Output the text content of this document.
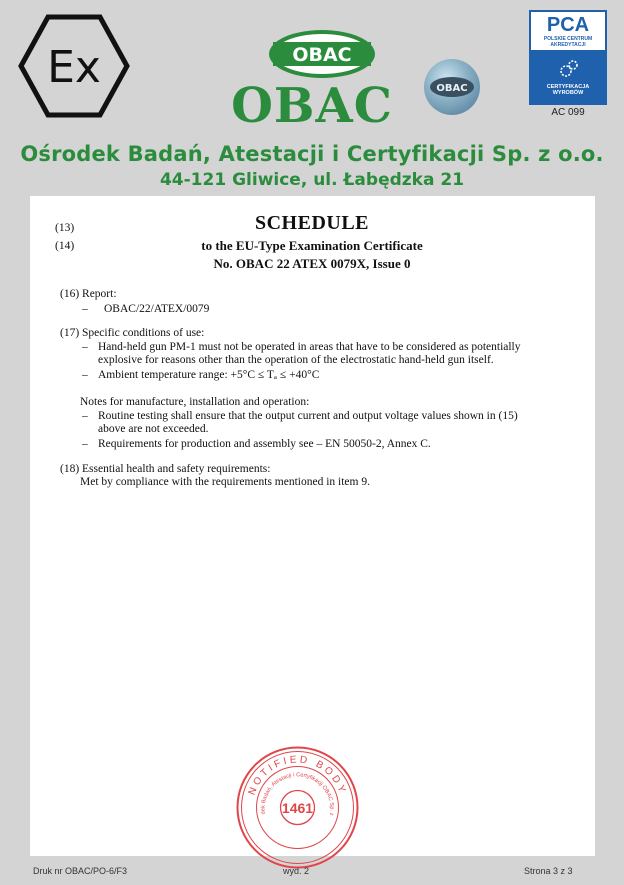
Ex	OBAC
OBAC
OBAC
PCA
POLSKIE CENTRUM
AKREDYTACJI
CERTYFIKACJA
WYROBÓW
AC 099
Ośrodek Badań, Atestacji i Certyfikacji Sp. z o.o.
44-121 Gliwice, ul. Łabędzka 21
(13)
(14)
SCHEDULE
to the EU-Type Examination Certificate
No. OBAC 22 ATEX 0079X, Issue 0
(16) Report:
– OBAC/22/ATEX/0079
(17) Specific conditions of use:
– Hand-held gun PM-1 must not be operated in areas that have to be considered as potentially
explosive for reasons other than the operation of the electrostatic hand-held gun itself.
– Ambient temperature range: +5°C ≤ Tₐ ≤ +40°C
Notes for manufacture, installation and operation:
– Routine testing shall ensure that the output current and output voltage values shown in (15)
above are not exceeded.
– Requirements for production and assembly see – EN 50050-2, Annex C.
(18) Essential health and safety requirements:
Met by compliance with the requirements mentioned in item 9.
NOTIFIED BODY
dek Badań, Atestacji i Certyfikacji OBAC Sp. z
1461
Druk nr OBAC/PO-6/F3	wyd. 2	Strona 3 z 3
